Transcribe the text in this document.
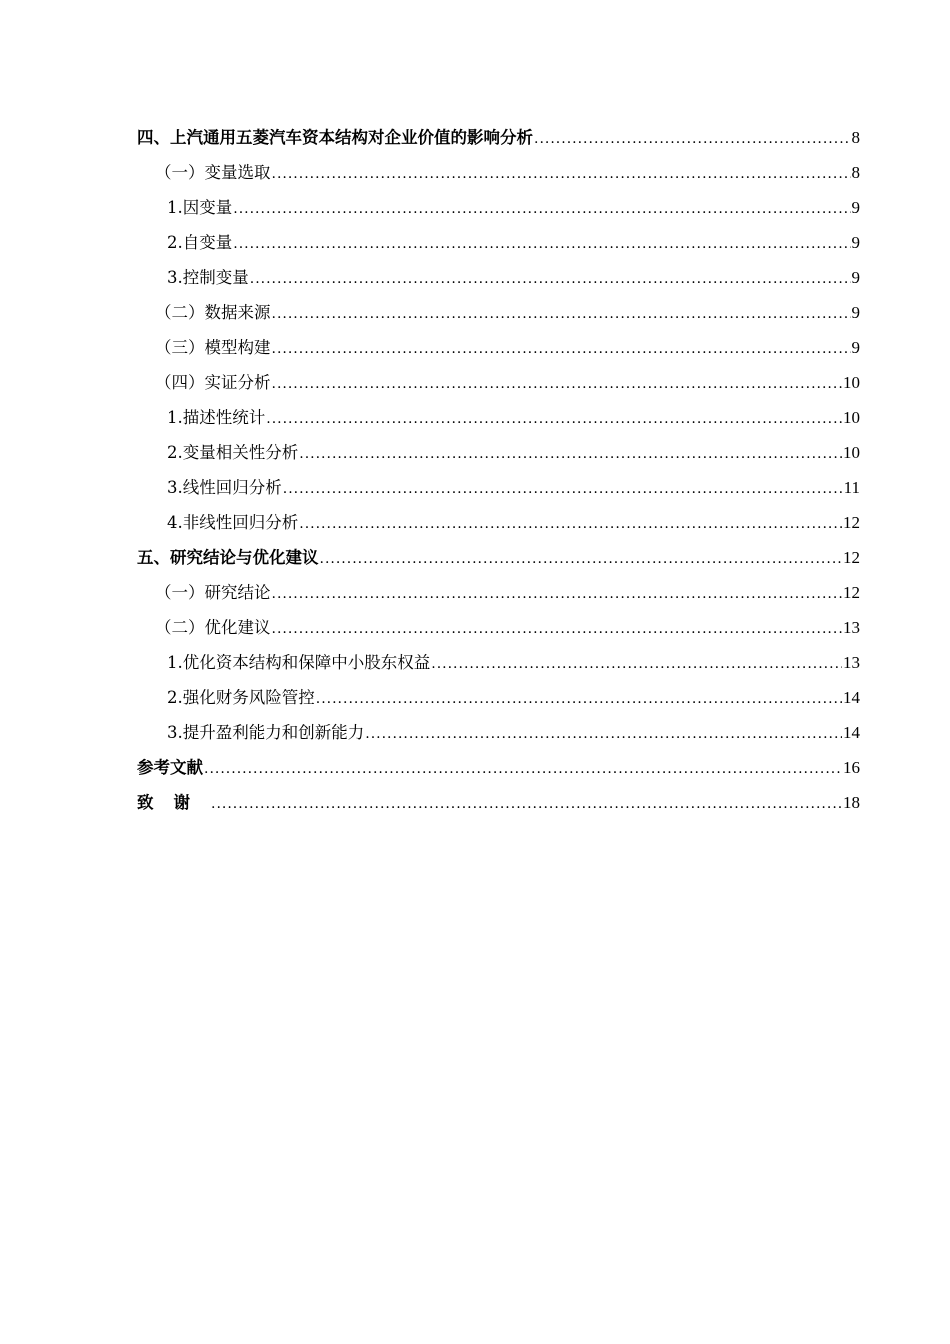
四、上汽通用五菱汽车资本结构对企业价值的影响分析 .....	8
（一）变量选取 .....	8
1.因变量 .....	9
2.自变量 .....	9
3.控制变量 .....	9
（二）数据来源 .....	9
（三）模型构建 .....	9
（四）实证分析 .....	10
1.描述性统计 .....	10
2.变量相关性分析 .....	10
3.线性回归分析 .....	11
4.非线性回归分析 .....	12
五、研究结论与优化建议 .....	12
（一）研究结论 .....	12
（二）优化建议 .....	13
1.优化资本结构和保障中小股东权益 .....	13
2.强化财务风险管控 .....	14
3.提升盈利能力和创新能力 .....	14
参考文献 .....	16
致谢 .....	18
